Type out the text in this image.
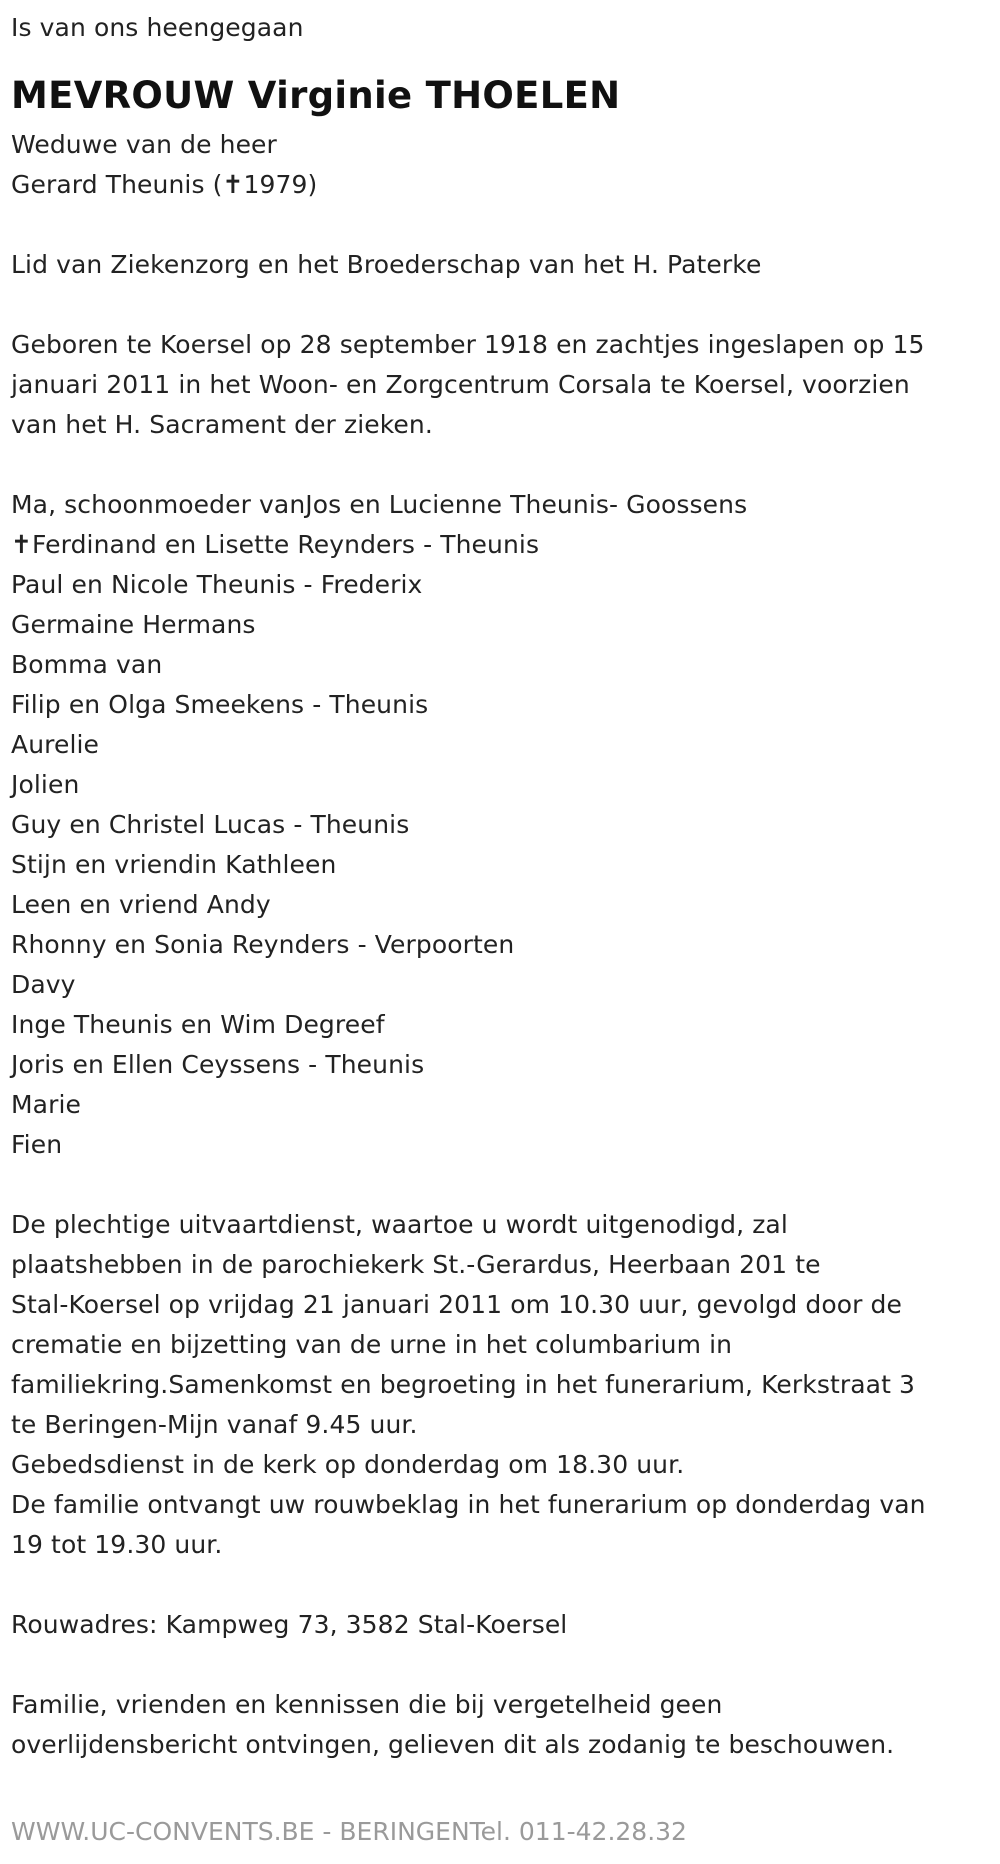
Is van ons heengegaan

MEVROUW Virginie THOELEN

Weduwe van de heer

Gerard Theunis (✝1979)

Lid van Ziekenzorg en het Broederschap van het H. Paterke

Geboren te Koersel op 28 september 1918 en zachtjes ingeslapen op 15

januari 2011 in het Woon- en Zorgcentrum Corsala te Koersel, voorzien

van het H. Sacrament der zieken.

Ma, schoonmoeder vanJos en Lucienne Theunis- Goossens

✝Ferdinand en Lisette Reynders - Theunis

Paul en Nicole Theunis - Frederix

Germaine Hermans

Bomma van

Filip en Olga Smeekens - Theunis

Aurelie

Jolien

Guy en Christel Lucas - Theunis

Stijn en vriendin Kathleen

Leen en vriend Andy

Rhonny en Sonia Reynders - Verpoorten

Davy

Inge Theunis en Wim Degreef

Joris en Ellen Ceyssens - Theunis

Marie

Fien

De plechtige uitvaartdienst, waartoe u wordt uitgenodigd, zal

plaatshebben in de parochiekerk St.-Gerardus, Heerbaan 201 te

Stal-Koersel op vrijdag 21 januari 2011 om 10.30 uur, gevolgd door de

crematie en bijzetting van de urne in het columbarium in

familiekring.Samenkomst en begroeting in het funerarium, Kerkstraat 3

te Beringen-Mijn vanaf 9.45 uur.

Gebedsdienst in de kerk op donderdag om 18.30 uur.

De familie ontvangt uw rouwbeklag in het funerarium op donderdag van

19 tot 19.30 uur.

Rouwadres: Kampweg 73, 3582 Stal-Koersel

Familie, vrienden en kennissen die bij vergetelheid geen

overlijdensbericht ontvingen, gelieven dit als zodanig te beschouwen.

WWW.UC-CONVENTS.BE - BERINGENTel. 011-42.28.32
